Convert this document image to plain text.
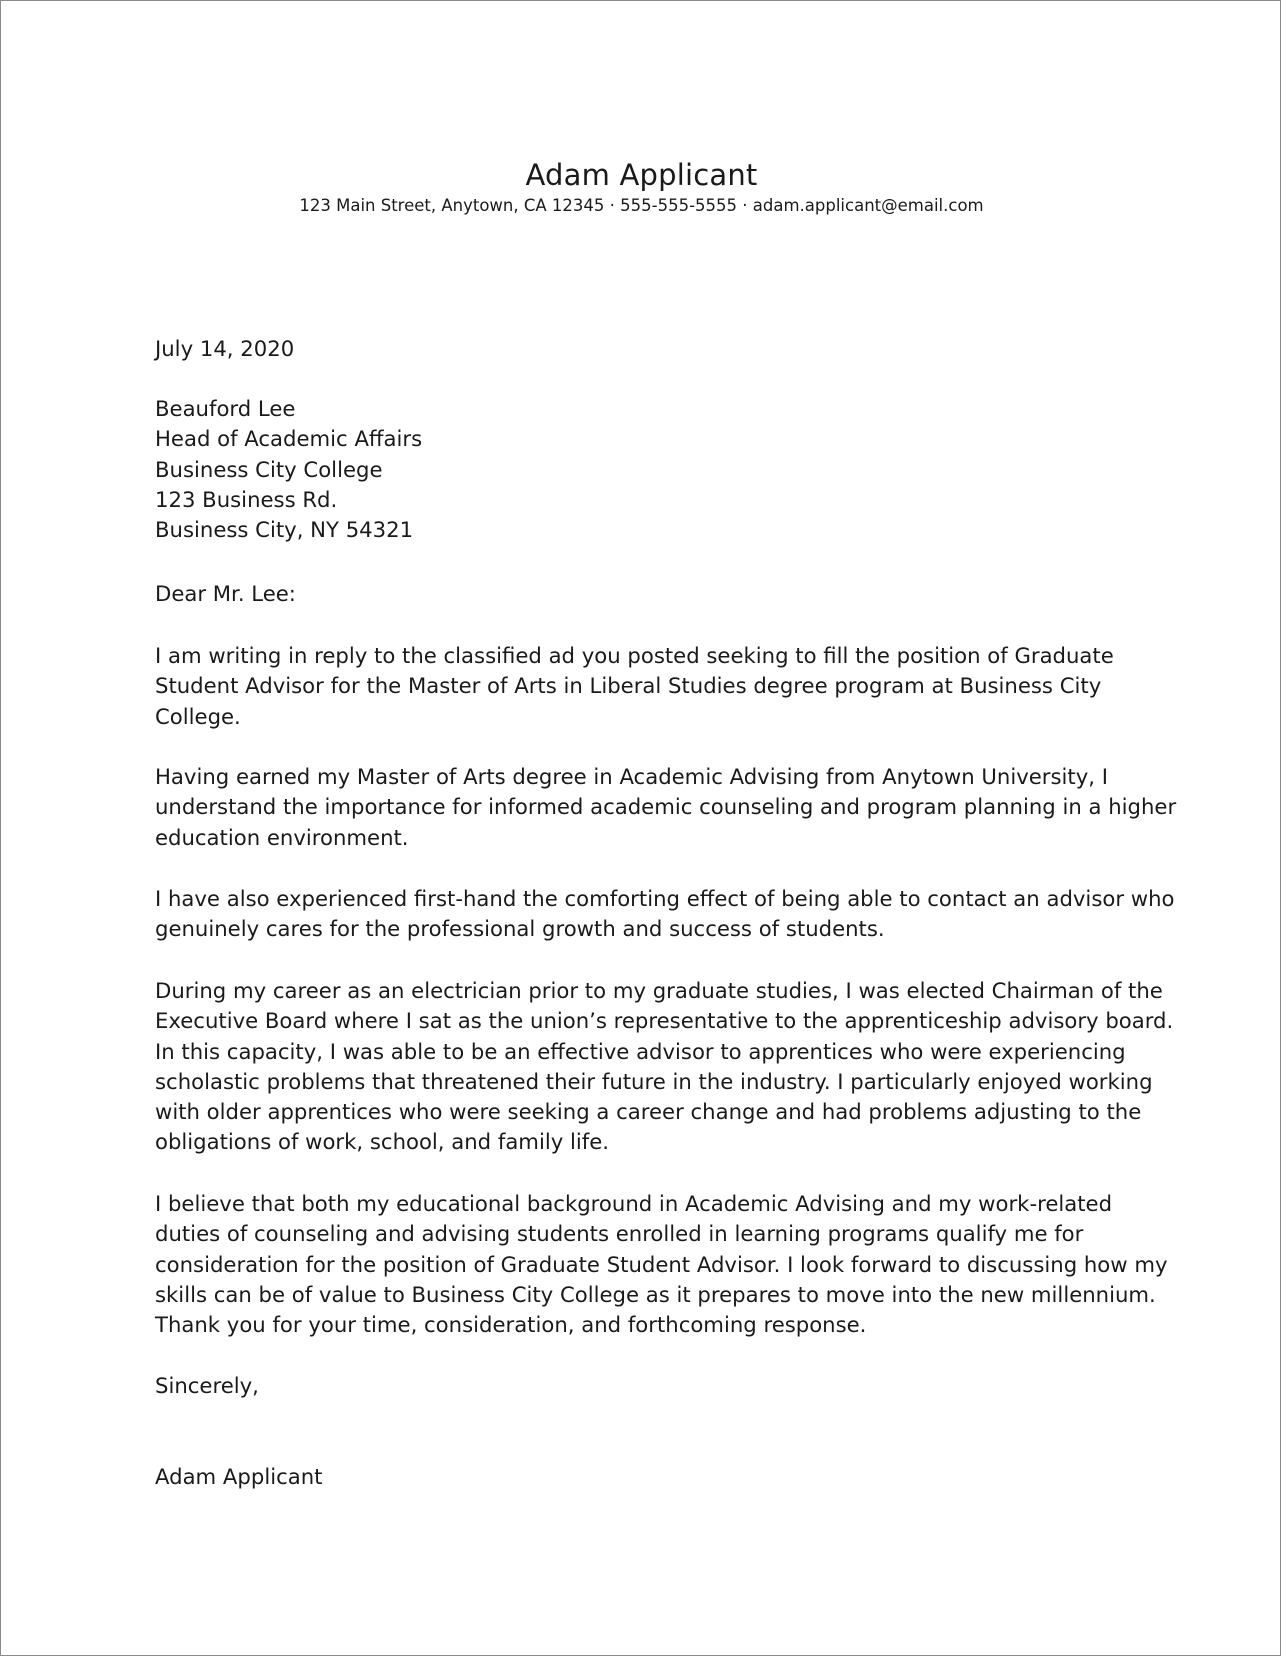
Adam Applicant
123 Main Street, Anytown, CA 12345 · 555-555-5555 · adam.applicant@email.com
July 14, 2020
Beauford Lee
Head of Academic Affairs
Business City College
123 Business Rd.
Business City, NY 54321
Dear Mr. Lee:
I am writing in reply to the classified ad you posted seeking to fill the position of Graduate
Student Advisor for the Master of Arts in Liberal Studies degree program at Business City
College.
Having earned my Master of Arts degree in Academic Advising from Anytown University, I
understand the importance for informed academic counseling and program planning in a higher
education environment.
I have also experienced first-hand the comforting effect of being able to contact an advisor who
genuinely cares for the professional growth and success of students.
During my career as an electrician prior to my graduate studies, I was elected Chairman of the
Executive Board where I sat as the union’s representative to the apprenticeship advisory board.
In this capacity, I was able to be an effective advisor to apprentices who were experiencing
scholastic problems that threatened their future in the industry. I particularly enjoyed working
with older apprentices who were seeking a career change and had problems adjusting to the
obligations of work, school, and family life.
I believe that both my educational background in Academic Advising and my work-related
duties of counseling and advising students enrolled in learning programs qualify me for
consideration for the position of Graduate Student Advisor. I look forward to discussing how my
skills can be of value to Business City College as it prepares to move into the new millennium.
Thank you for your time, consideration, and forthcoming response.
Sincerely,
Adam Applicant
